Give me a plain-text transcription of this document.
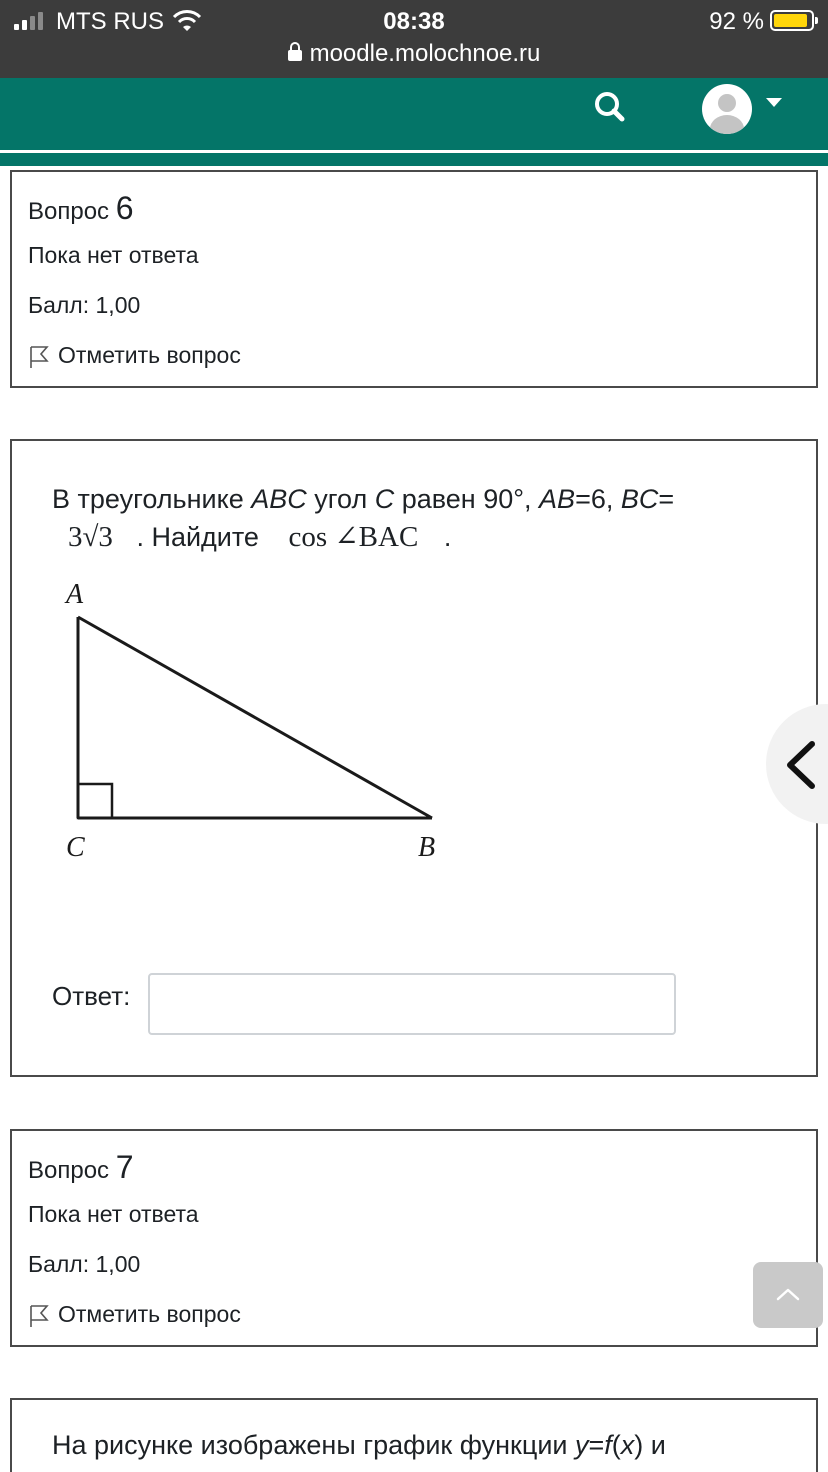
MTS RUS	08:38	92 %
moodle.molochnoe.ru
Вопрос 6
Пока нет ответа
Балл: 1,00
Отметить вопрос
В треугольнике ABC угол C равен 90°, AB=6, BC=
3√3 . Найдите cos ∠BAC .
A
C	B
Ответ:
Вопрос 7
Пока нет ответа
Балл: 1,00
Отметить вопрос
На рисунке изображены график функции y=f(x) и
